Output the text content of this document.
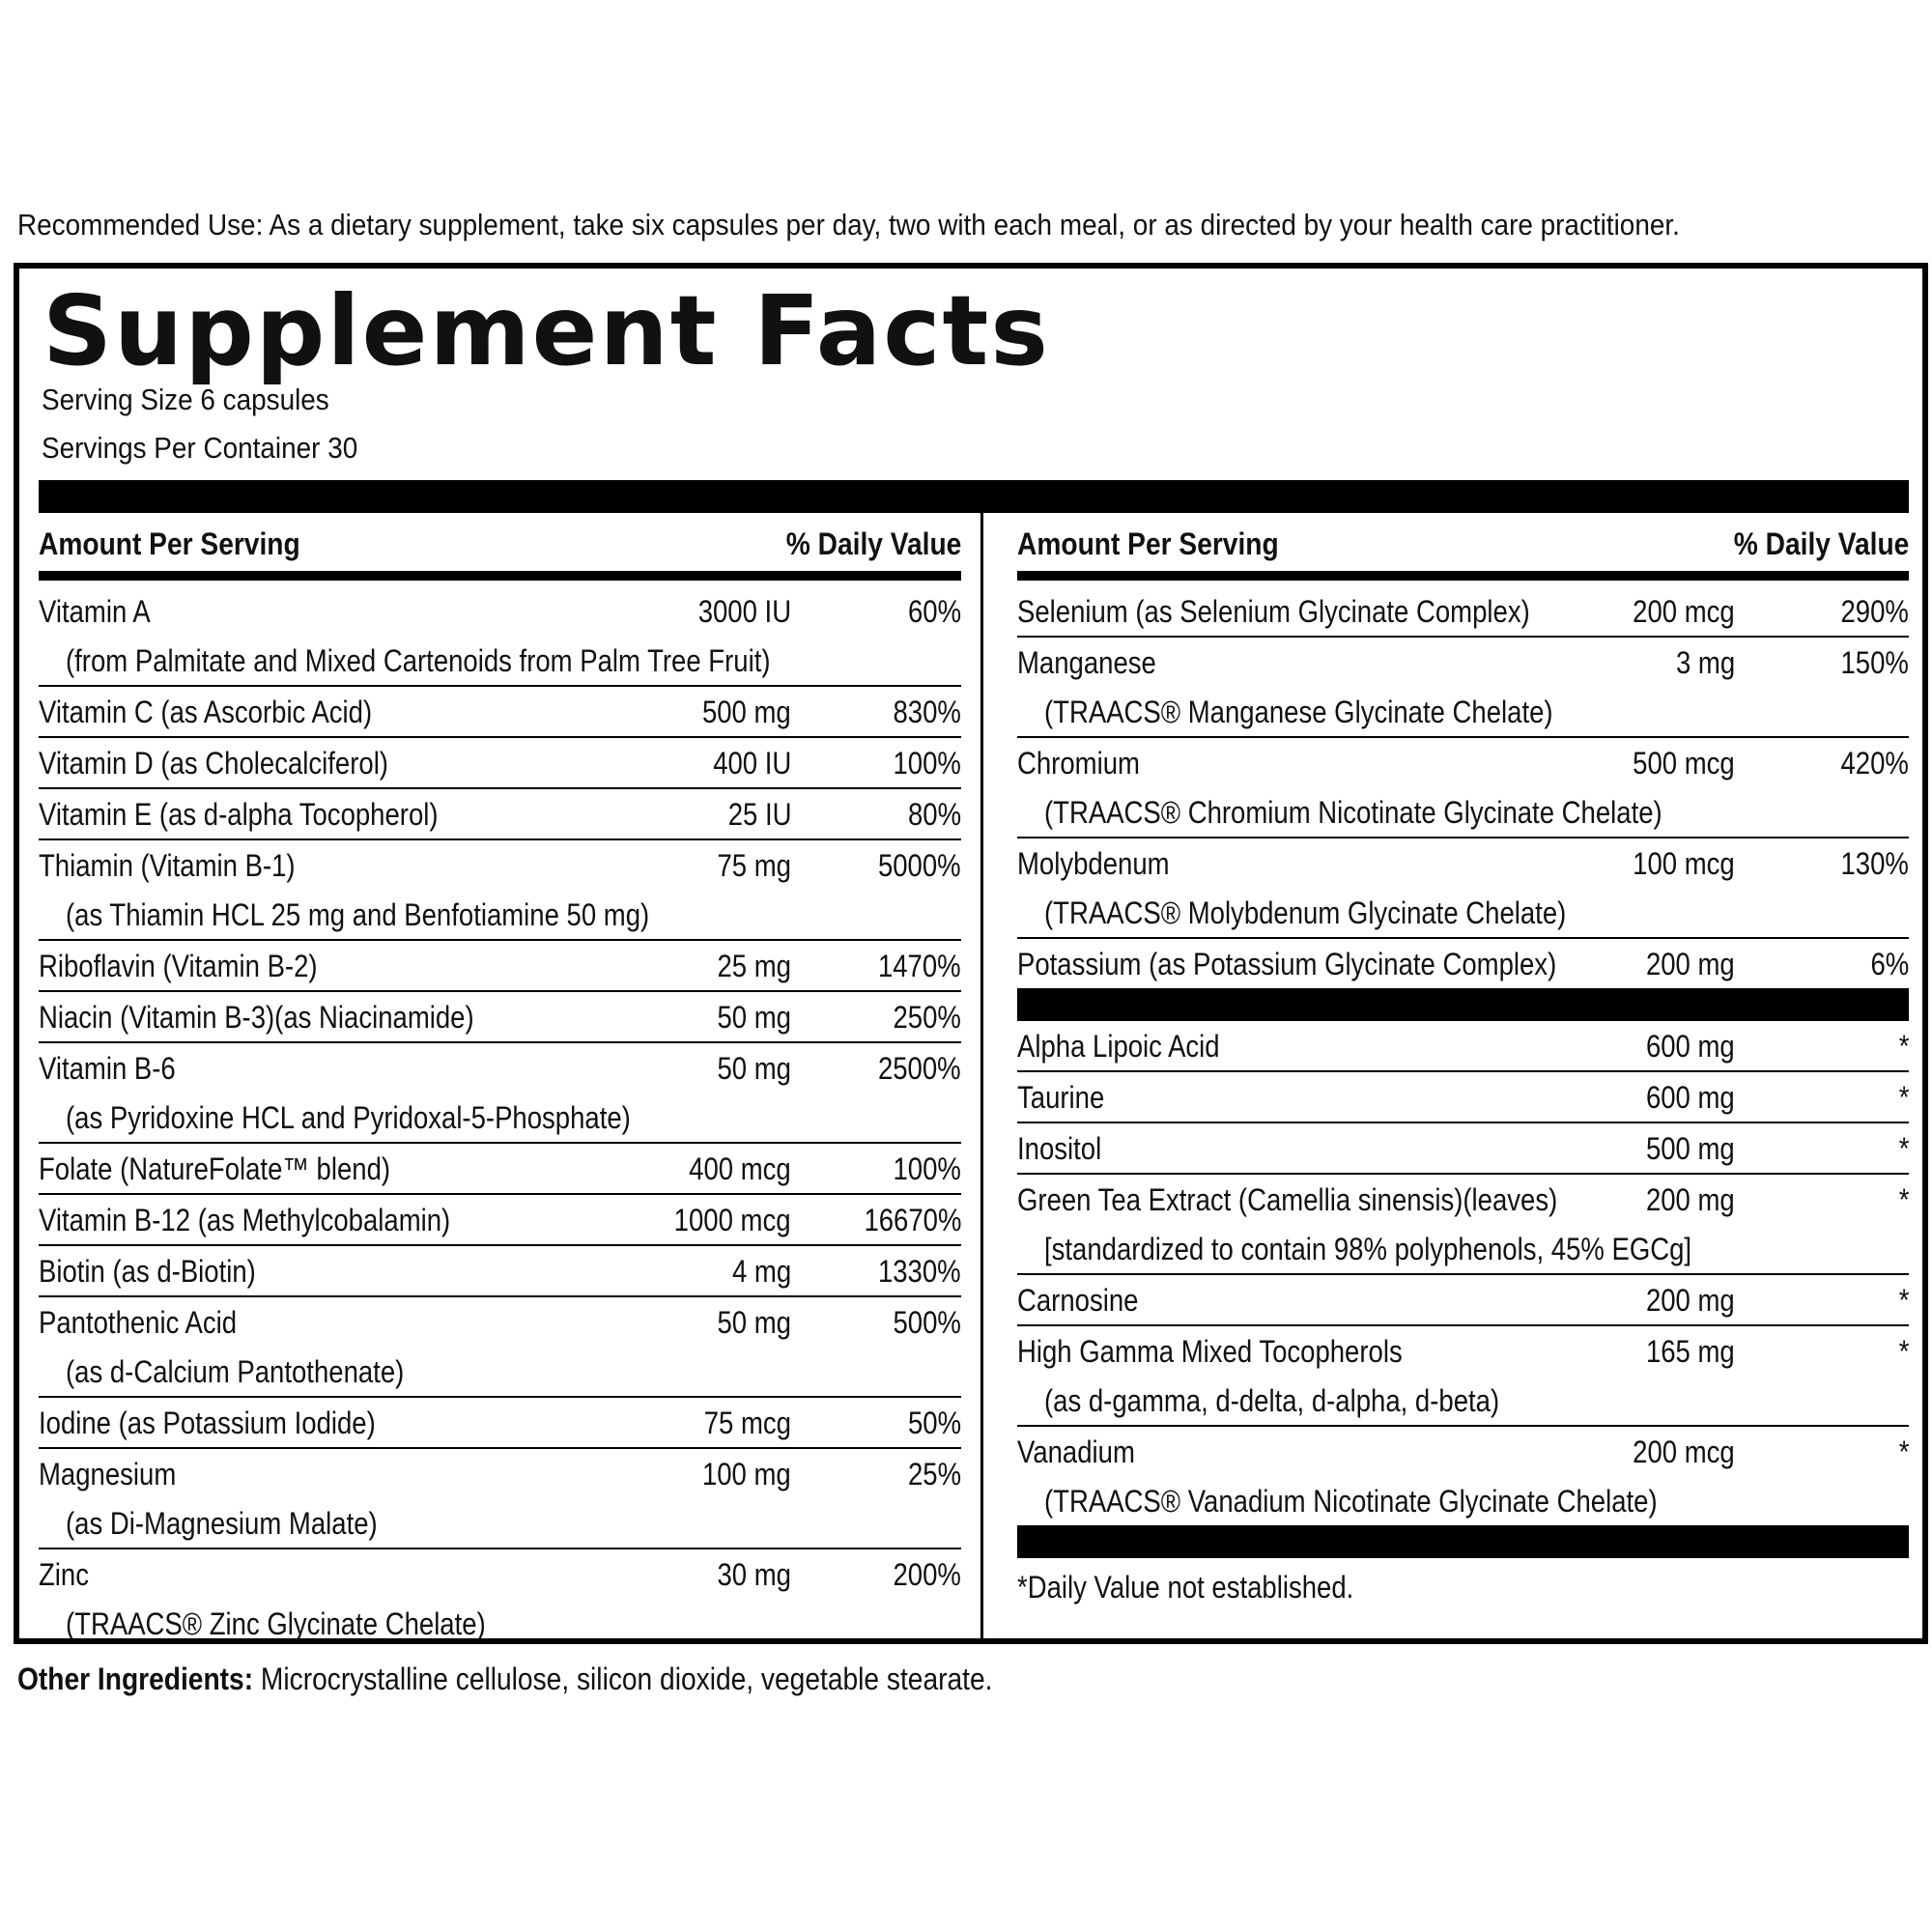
Recommended Use: As a dietary supplement, take six capsules per day, two with each meal, or as directed by your health care practitioner.
Supplement Facts
Serving Size 6 capsules
Servings Per Container 30
Amount Per Serving	% Daily Value
Vitamin A	3000 IU	60%
(from Palmitate and Mixed Cartenoids from Palm Tree Fruit)
Vitamin C (as Ascorbic Acid)	500 mg	830%
Vitamin D (as Cholecalciferol)	400 IU	100%
Vitamin E (as d-alpha Tocopherol)	25 IU	80%
Thiamin (Vitamin B-1)	75 mg	5000%
(as Thiamin HCL 25 mg and Benfotiamine 50 mg)
Riboflavin (Vitamin B-2)	25 mg	1470%
Niacin (Vitamin B-3)(as Niacinamide)	50 mg	250%
Vitamin B-6	50 mg	2500%
(as Pyridoxine HCL and Pyridoxal-5-Phosphate)
Folate (NatureFolate™ blend)	400 mcg	100%
Vitamin B-12 (as Methylcobalamin)	1000 mcg 16670%
Biotin (as d-Biotin)	4 mg	1330%
Pantothenic Acid	50 mg	500%
(as d-Calcium Pantothenate)
Iodine (as Potassium Iodide)	75 mcg	50%
Magnesium	100 mg	25%
(as Di-Magnesium Malate)
Zinc	30 mg	200%
(TRAACS® Zinc Glycinate Chelate)
Amount Per Serving	% Daily Value
Selenium (as Selenium Glycinate Complex)	200 mcg	290%
Manganese	3 mg	150%
(TRAACS® Manganese Glycinate Chelate)
Chromium	500 mcg	420%
(TRAACS® Chromium Nicotinate Glycinate Chelate)
Molybdenum	100 mcg	130%
(TRAACS® Molybdenum Glycinate Chelate)
Potassium (as Potassium Glycinate Complex)	200 mg	6%
Alpha Lipoic Acid	600 mg	*
Taurine	600 mg	*
Inositol	500 mg	*
Green Tea Extract (Camellia sinensis)(leaves)	200 mg	*
[standardized to contain 98% polyphenols, 45% EGCg]
Carnosine	200 mg	*
High Gamma Mixed Tocopherols	165 mg	*
(as d-gamma, d-delta, d-alpha, d-beta)
Vanadium	200 mcg	*
(TRAACS® Vanadium Nicotinate Glycinate Chelate)
*Daily Value not established.
Other Ingredients: Microcrystalline cellulose, silicon dioxide, vegetable stearate.
